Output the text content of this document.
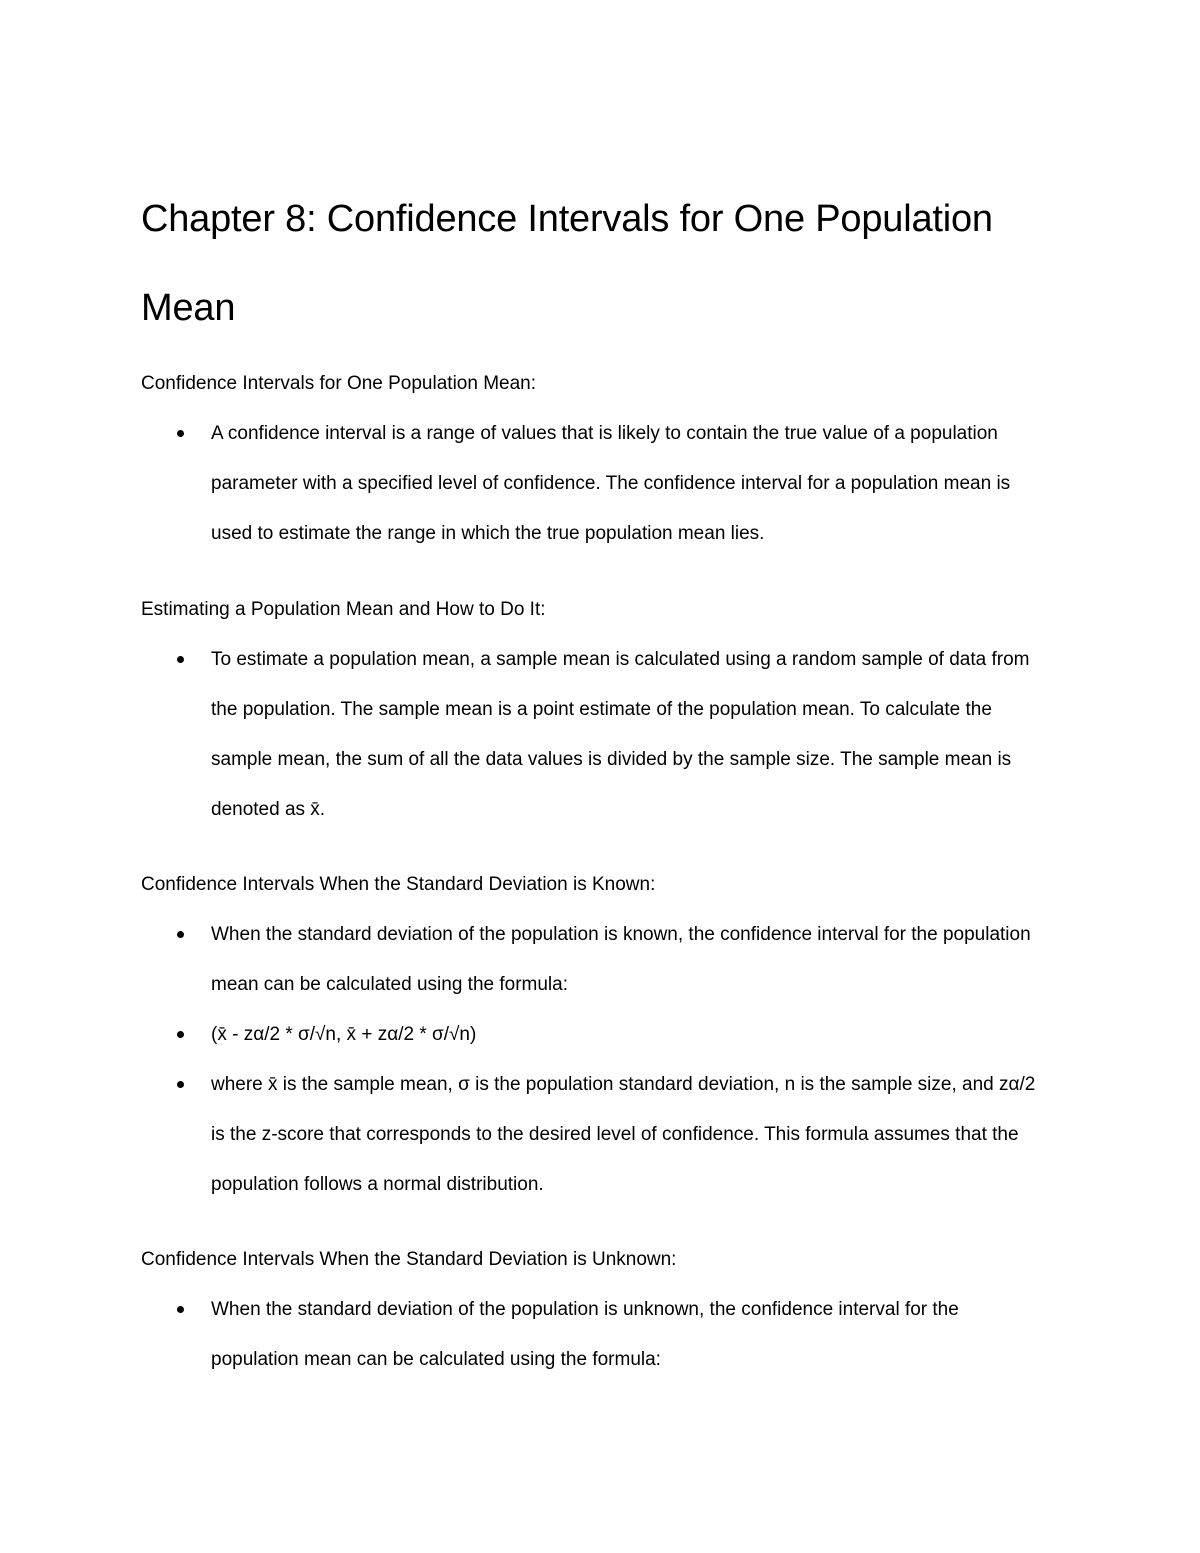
Chapter 8: Confidence Intervals for One Population Mean
Confidence Intervals for One Population Mean:
A confidence interval is a range of values that is likely to contain the true value of a population parameter with a specified level of confidence. The confidence interval for a population mean is used to estimate the range in which the true population mean lies.
Estimating a Population Mean and How to Do It:
To estimate a population mean, a sample mean is calculated using a random sample of data from the population. The sample mean is a point estimate of the population mean. To calculate the sample mean, the sum of all the data values is divided by the sample size. The sample mean is denoted as x̄.
Confidence Intervals When the Standard Deviation is Known:
When the standard deviation of the population is known, the confidence interval for the population mean can be calculated using the formula:
(x̄ - zα/2 * σ/√n, x̄ + zα/2 * σ/√n)
where x̄ is the sample mean, σ is the population standard deviation, n is the sample size, and zα/2 is the z-score that corresponds to the desired level of confidence. This formula assumes that the population follows a normal distribution.
Confidence Intervals When the Standard Deviation is Unknown:
When the standard deviation of the population is unknown, the confidence interval for the population mean can be calculated using the formula:
